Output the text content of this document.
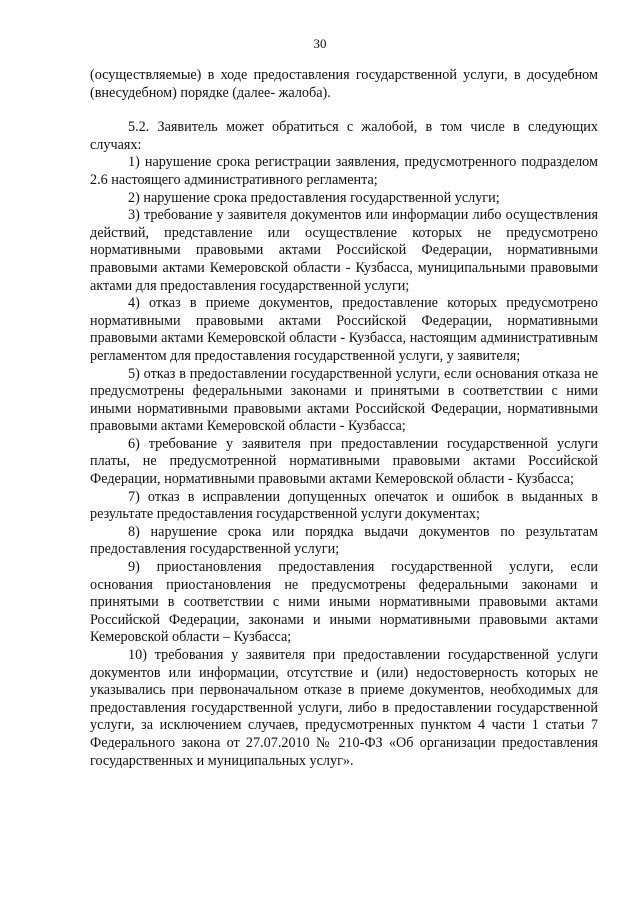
30

(осуществляемые) в ходе предоставления государственной услуги, в досудебном (внесудебном) порядке (далее- жалоба).

5.2. Заявитель может обратиться с жалобой, в том числе в следующих случаях:

1) нарушение срока регистрации заявления, предусмотренного подразделом 2.6 настоящего административного регламента;

2) нарушение срока предоставления государственной услуги;

3) требование у заявителя документов или информации либо осуществления действий, представление или осуществление которых не предусмотрено нормативными правовыми актами Российской Федерации, нормативными правовыми актами Кемеровской области - Кузбасса, муниципальными правовыми актами для предоставления государственной услуги;

4) отказ в приеме документов, предоставление которых предусмотрено нормативными правовыми актами Российской Федерации, нормативными правовыми актами Кемеровской области - Кузбасса, настоящим административным регламентом для предоставления государственной услуги, у заявителя;

5) отказ в предоставлении государственной услуги, если основания отказа не предусмотрены федеральными законами и принятыми в соответствии с ними иными нормативными правовыми актами Российской Федерации, нормативными правовыми актами Кемеровской области - Кузбасса;

6) требование у заявителя при предоставлении государственной услуги платы, не предусмотренной нормативными правовыми актами Российской Федерации, нормативными правовыми актами Кемеровской области - Кузбасса;

7) отказ в исправлении допущенных опечаток и ошибок в выданных в результате предоставления государственной услуги документах;

8) нарушение срока или порядка выдачи документов по результатам предоставления государственной услуги;

9) приостановления предоставления государственной услуги, если основания приостановления не предусмотрены федеральными законами и принятыми в соответствии с ними иными нормативными правовыми актами Российской Федерации, законами и иными нормативными правовыми актами Кемеровской области – Кузбасса;

10) требования у заявителя при предоставлении государственной услуги документов или информации, отсутствие и (или) недостоверность которых не указывались при первоначальном отказе в приеме документов, необходимых для предоставления государственной услуги, либо в предоставлении государственной услуги, за исключением случаев, предусмотренных пунктом 4 части 1 статьи 7 Федерального закона от 27.07.2010 № 210-ФЗ «Об организации предоставления государственных и муниципальных услуг».
